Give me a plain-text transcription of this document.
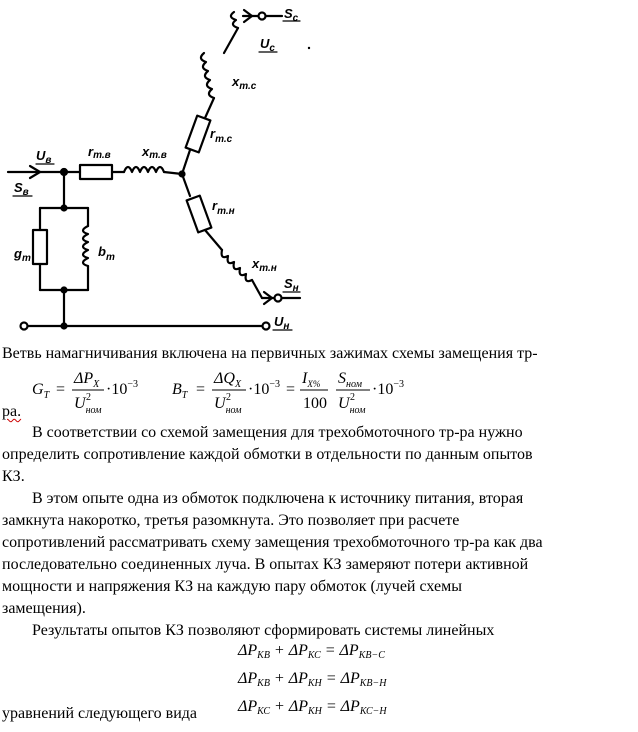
$S_с$
$U_с$
$x_{т.с}$
$r_{т.с}$
$U_в$
rт.в xт.в
$S_в$
$r_{т.н}$
$g_т$	$b_т$	$x_{т.н}$
$S_н$
$U_н$
Ветвь намагничивания включена на первичных зажимах схемы замещения тр-
$G_T$ =
$\Delta P_X$
$U_{ном}$
$2 \cdot 10^{-3}$ $B_T$ =
$\Delta Q_X$
$U_{ном}$
$2 \cdot 10^{-3}$ =
$I_{X\%}$
100
$S_{ном}$
$U_{ном}$
$2 \cdot 10^{-3}$
ра.
В соответствии со схемой замещения для трехобмоточного тр-ра нужно
определить сопротивление каждой обмотки в отдельности по данным опытов
КЗ.
В этом опыте одна из обмоток подключена к источнику питания, вторая
замкнута накоротко, третья разомкнута. Это позволяет при расчете
сопротивлений рассматривать схему замещения трехобмоточного тр-ра как два
последовательно соединенных луча. В опытах КЗ замеряют потери активной
мощности и напряжения КЗ на каждую пару обмоток (лучей схемы
замещения).
Результаты опытов КЗ позволяют сформировать системы линейных
$\Delta P_{КВ} + \Delta P_{КС} = \Delta P_{КВ-С}$
$\Delta P_{КВ} + \Delta P_{КН} = \Delta P_{КВ-Н}$
уравнений следующего вида	$\Delta P_{КС} + \Delta P_{КН} = \Delta P_{КС-Н}$
